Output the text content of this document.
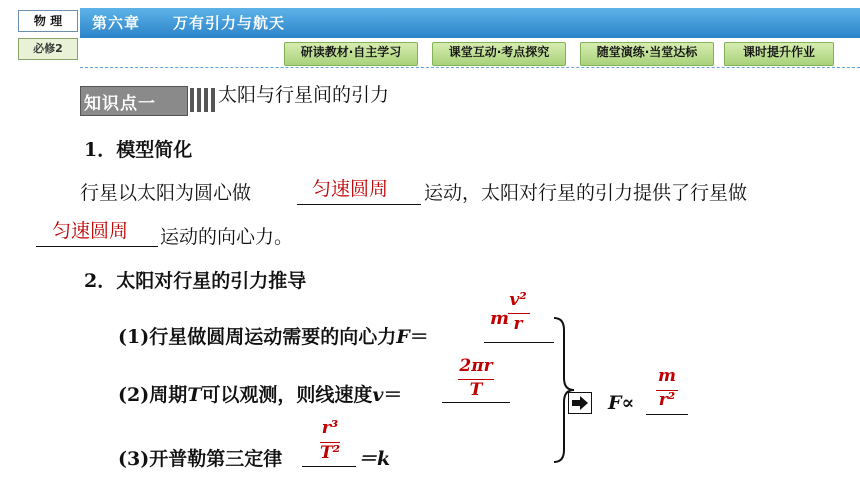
物 理
必修2
第六章 万有引力与航天
研读教材·自主学习	课堂互动·考点探究	随堂演练·当堂达标	课时提升作业
知识点一	太阳与行星间的引力
1．模型简化
行星以太阳为圆心做	匀速圆周 运动，太阳对行星的引力提供了行星做
匀速圆周 运动的向心力。
2．太阳对行星的引力推导
(1)行星做圆周运动需要的向心力F＝
m
v²
r
(2)周期T可以观测，则线速度v＝
2πr
T
(3)开普勒第三定律
r³
T² ＝k
F∝
m
r²
